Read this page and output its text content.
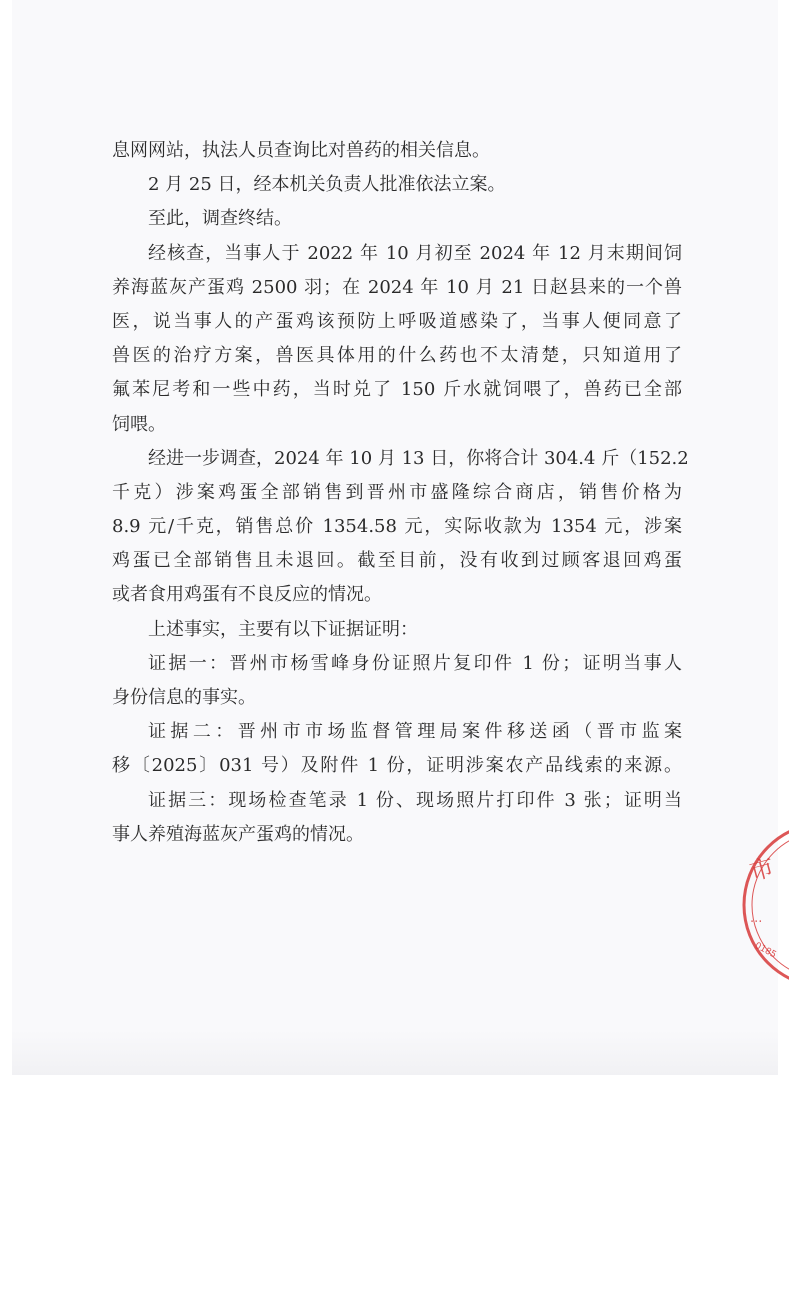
息网网站，执法人员查询比对兽药的相关信息。
2 月 25 日，经本机关负责人批准依法立案。
至此，调查终结。
经核查，当事人于 2022 年 10 月初至 2024 年 12 月末期间饲
养海蓝灰产蛋鸡 2500 羽；在 2024 年 10 月 21 日赵县来的一个兽
医，说当事人的产蛋鸡该预防上呼吸道感染了，当事人便同意了
兽医的治疗方案，兽医具体用的什么药也不太清楚，只知道用了
氟苯尼考和一些中药，当时兑了 150 斤水就饲喂了，兽药已全部
饲喂。
经进一步调查，2024 年 10 月 13 日，你将合计 304.4 斤（152.2
千克）涉案鸡蛋全部销售到晋州市盛隆综合商店，销售价格为
8.9 元/千克，销售总价 1354.58 元，实际收款为 1354 元，涉案
鸡蛋已全部销售且未退回。截至目前，没有收到过顾客退回鸡蛋
或者食用鸡蛋有不良反应的情况。
上述事实，主要有以下证据证明：
证据一：晋州市杨雪峰身份证照片复印件 1 份；证明当事人
身份信息的事实。
证据二：晋州市市场监督管理局案件移送函（晋市监案
移〔2025〕031 号）及附件 1 份，证明涉案农产品线索的来源。
证据三：现场检查笔录 1 份、现场照片打印件 3 张；证明当
事人养殖海蓝灰产蛋鸡的情况。
市
...
0185
